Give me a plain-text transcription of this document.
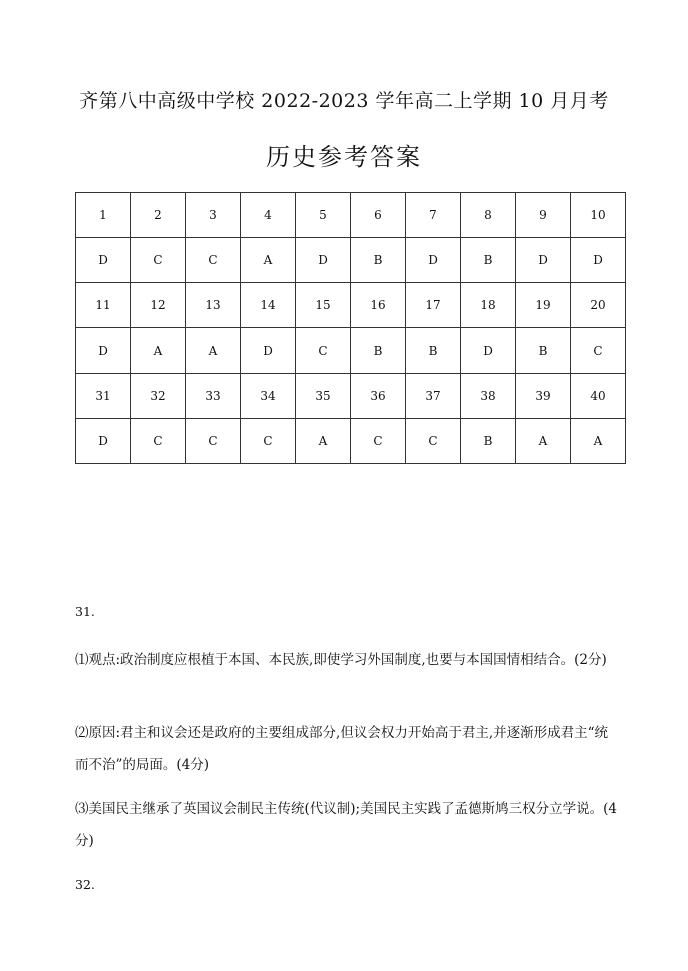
齐第八中高级中学校 2022-2023 学年高二上学期 10 月月考
历史参考答案
1	2	3	4	5	6	7	8	9	10
D	C	C	A	D	B	D	B	D	D
11	12	13	14	15	16	17	18	19	20
D	A	A	D	C	B	B	D	B	C
31	32	33	34	35	36	37	38	39	40
D	C	C	C	A	C	C	B	A	A
31.
⑴观点:政治制度应根植于本国、本民族,即使学习外国制度,也要与本国国情相结合。(2分)
⑵原因:君主和议会还是政府的主要组成部分,但议会权力开始高于君主,并逐渐形成君主“统而不治”的局面。(4分)
⑶美国民主继承了英国议会制民主传统(代议制);美国民主实践了孟德斯鸠三权分立学说。(4分)
32.
